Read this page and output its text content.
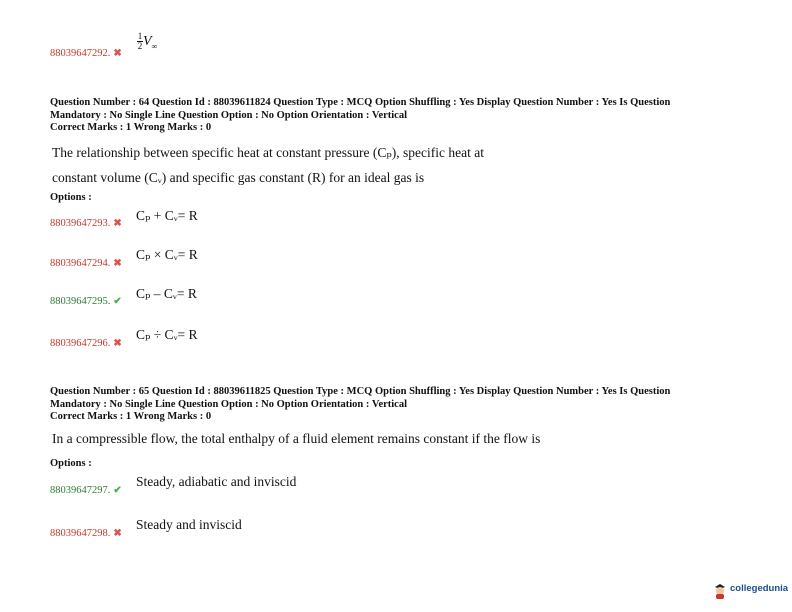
88039647292. ✖
$\frac{1}{2} V_\infty$
Question Number : 64 Question Id : 88039611824 Question Type : MCQ Option Shuffling : Yes Display Question Number : Yes Is Question
Mandatory : No Single Line Question Option : No Option Orientation : Vertical
Correct Marks : 1 Wrong Marks : 0
The relationship between specific heat at constant pressure (Cₚ), specific heat at
constant volume (Cᵥ) and specific gas constant (R) for an ideal gas is
Options :
88039647293. ✖
Cₚ + Cᵥ= R
88039647294. ✖
Cₚ × Cᵥ= R
88039647295. ✔
Cₚ – Cᵥ= R
88039647296. ✖
Cₚ ÷ Cᵥ= R
Question Number : 65 Question Id : 88039611825 Question Type : MCQ Option Shuffling : Yes Display Question Number : Yes Is Question
Mandatory : No Single Line Question Option : No Option Orientation : Vertical
Correct Marks : 1 Wrong Marks : 0
In a compressible flow, the total enthalpy of a fluid element remains constant if the flow is
Options :
88039647297. ✔
Steady, adiabatic and inviscid
88039647298. ✖
Steady and inviscid
collegedunia
